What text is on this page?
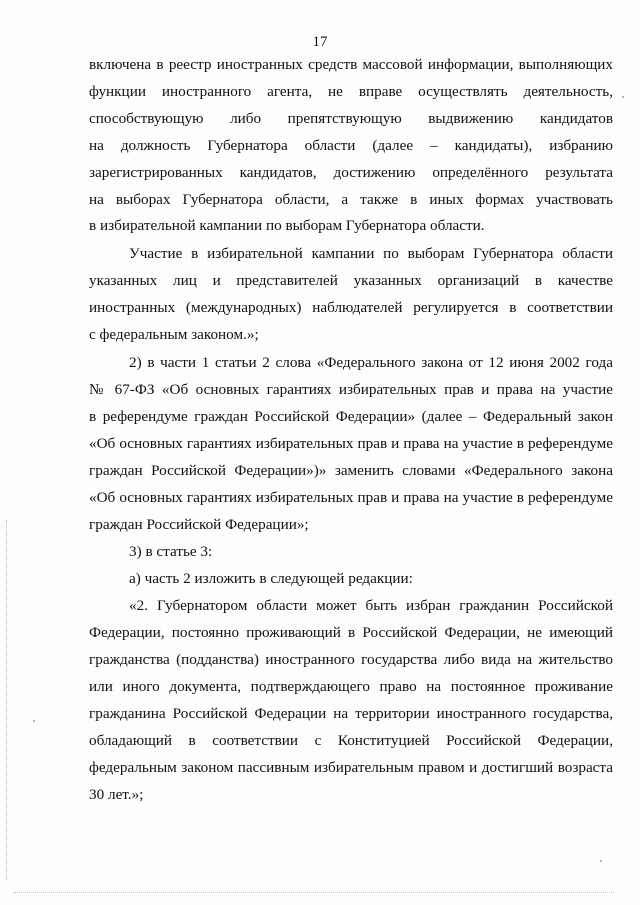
17
включена в реестр иностранных средств массовой информации, выполняющих
функции иностранного агента, не вправе осуществлять деятельность,
способствующую либо препятствующую выдвижению кандидатов
на должность Губернатора области (далее – кандидаты), избранию
зарегистрированных кандидатов, достижению определённого результата
на выборах Губернатора области, а также в иных формах участвовать
в избирательной кампании по выборам Губернатора области.
Участие в избирательной кампании по выборам Губернатора области
указанных лиц и представителей указанных организаций в качестве
иностранных (международных) наблюдателей регулируется в соответствии
с федеральным законом.»;
2) в части 1 статьи 2 слова «Федерального закона от 12 июня 2002 года
№ 67-ФЗ «Об основных гарантиях избирательных прав и права на участие
в референдуме граждан Российской Федерации» (далее – Федеральный закон
«Об основных гарантиях избирательных прав и права на участие в референдуме
граждан Российской Федерации»)» заменить словами «Федерального закона
«Об основных гарантиях избирательных прав и права на участие в референдуме
граждан Российской Федерации»;
3) в статье 3:
а) часть 2 изложить в следующей редакции:
«2. Губернатором области может быть избран гражданин Российской
Федерации, постоянно проживающий в Российской Федерации, не имеющий
гражданства (подданства) иностранного государства либо вида на жительство
или иного документа, подтверждающего право на постоянное проживание
гражданина Российской Федерации на территории иностранного государства,
обладающий в соответствии с Конституцией Российской Федерации,
федеральным законом пассивным избирательным правом и достигший возраста
30 лет.»;
